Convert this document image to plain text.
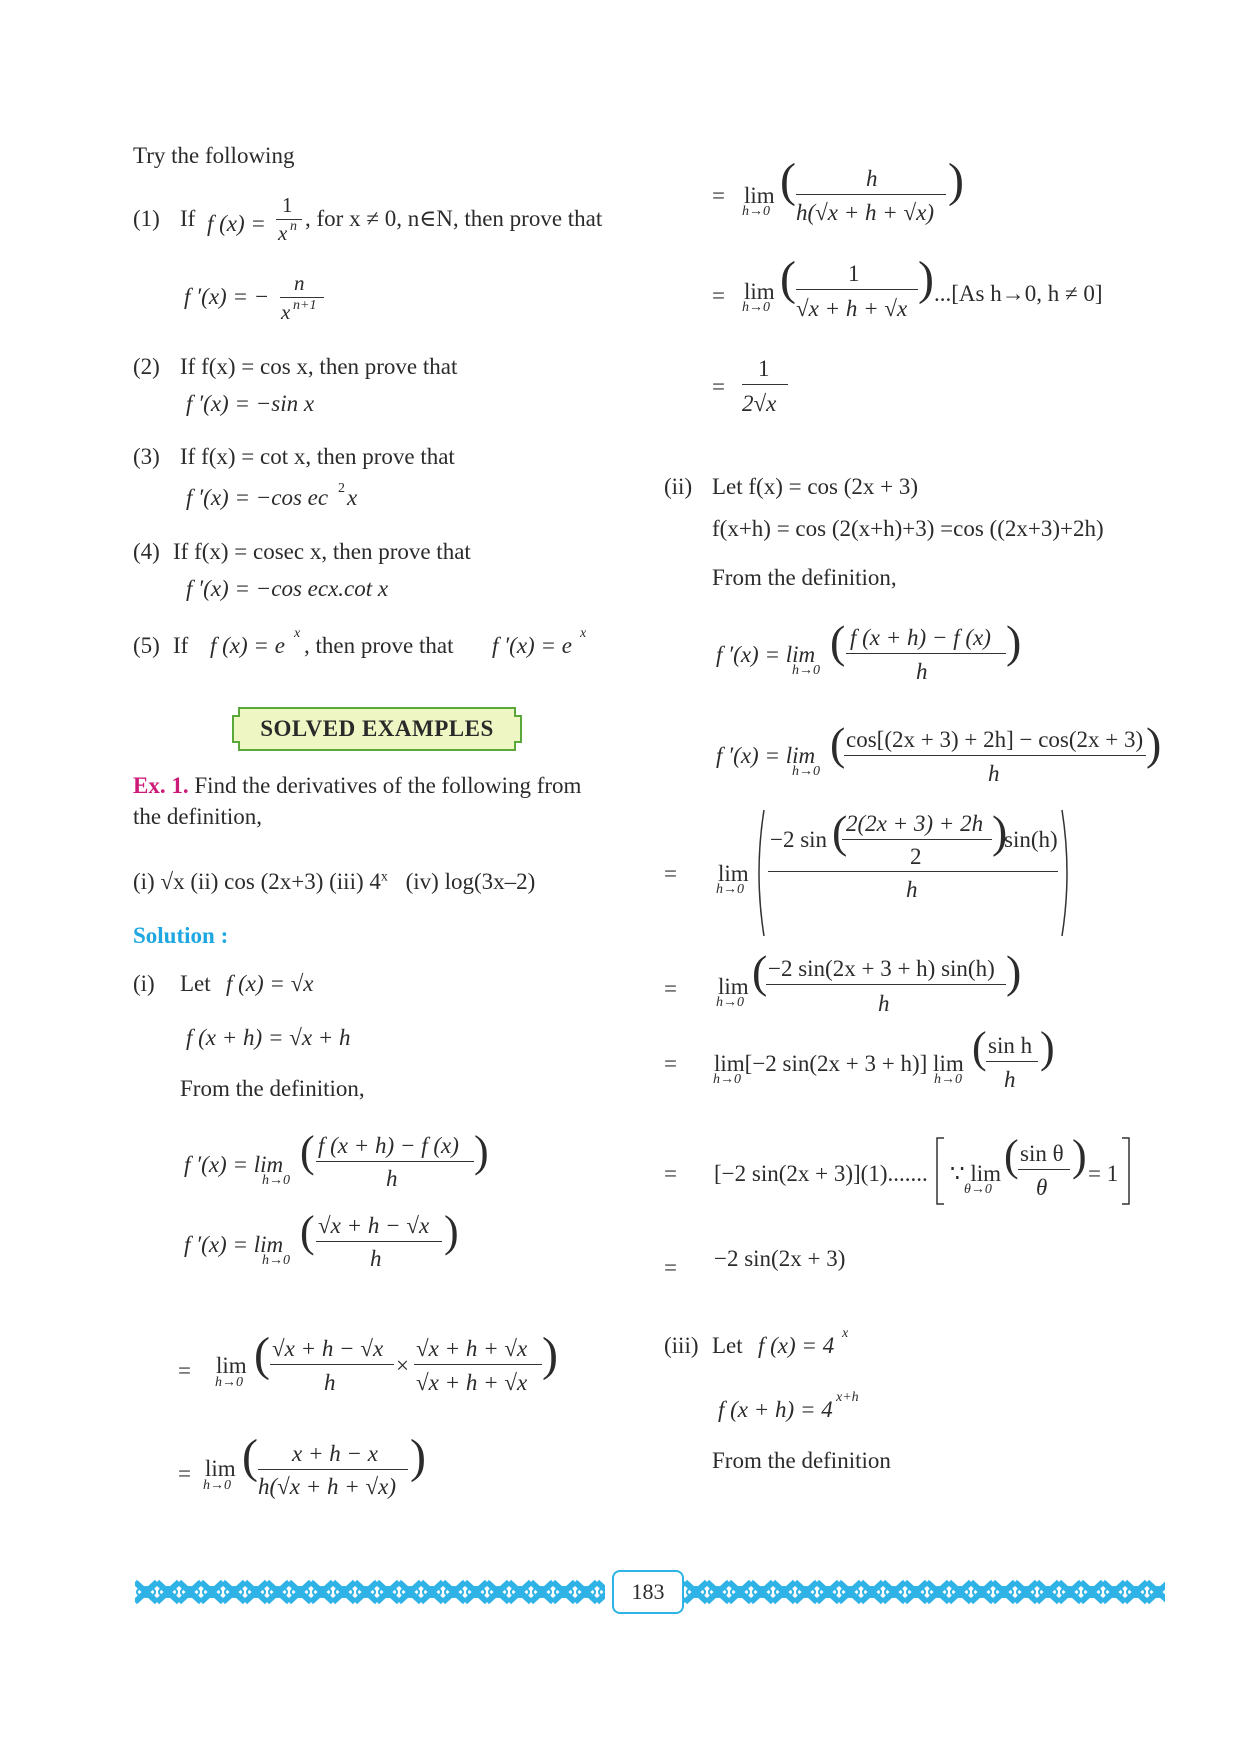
Try the following
(1) If f (x) =
1
x n , for x ≠ 0, n∈N, then prove that
f ′(x) = −
n
x n+1
(2) If f(x) = cos x, then prove that
f ′(x) = −sin x
(3) If f(x) = cot x, then prove that
f ′(x) = −cos ec 2 x
(4) If f(x) = cosec x, then prove that
f ′(x) = −cos ecx.cot x
(5) If f (x) = e x , then prove that f ′(x) = e x
SOLVED EXAMPLES
Ex. 1. Find the derivatives of the following from
the definition,
(i) √x (ii) cos (2x+3) (iii) 4$^x$ (iv) log(3x–2)
Solution :
(i) Let f (x) = √x
f (x + h) = √x + h
From the definition,
f ′(x) = lim
h→0
( f (x + h) − f (x)
h
)
f ′(x) = lim
h→0
( √x + h − √x
h
)
= lim
h→0
( √x + h − √x
h
×
√x + h + √x
√x + h + √x
)
= lim
h→0
( x + h − x
h(√x + h + √x)
)
= lim
h→0
(	h
h(√x + h + √x)
)
= lim
h→0
( 1
√x + h + √x
) ...[As h→0, h ≠ 0]
=
1
2√x
(ii) Let f(x) = cos (2x + 3)
f(x+h) = cos (2(x+h)+3) =cos ((2x+3)+2h)
From the definition,
f ′(x) = lim
h→0
( f (x + h) − f (x)
h
)
f ′(x) = lim
h→0
( cos[(2x + 3) + 2h] − cos(2x + 3)
h
)
= lim
h→0
−2 sin (
2(2x + 3) + 2h
2 )
sin(h)
h
= lim
h→0
( −2 sin(2x + 3 + h) sin(h)
h
)
= lim[−2 sin(2x + 3 + h)] lim
h→0	h→0
( sin h
h
)
= [−2 sin(2x + 3)](1)....... ∵ lim
θ→0
( sin θ
θ
) = 1
= −2 sin(2x + 3)
(iii) Let f (x) = 4 x
f (x + h) = 4 x+h
From the definition
183
